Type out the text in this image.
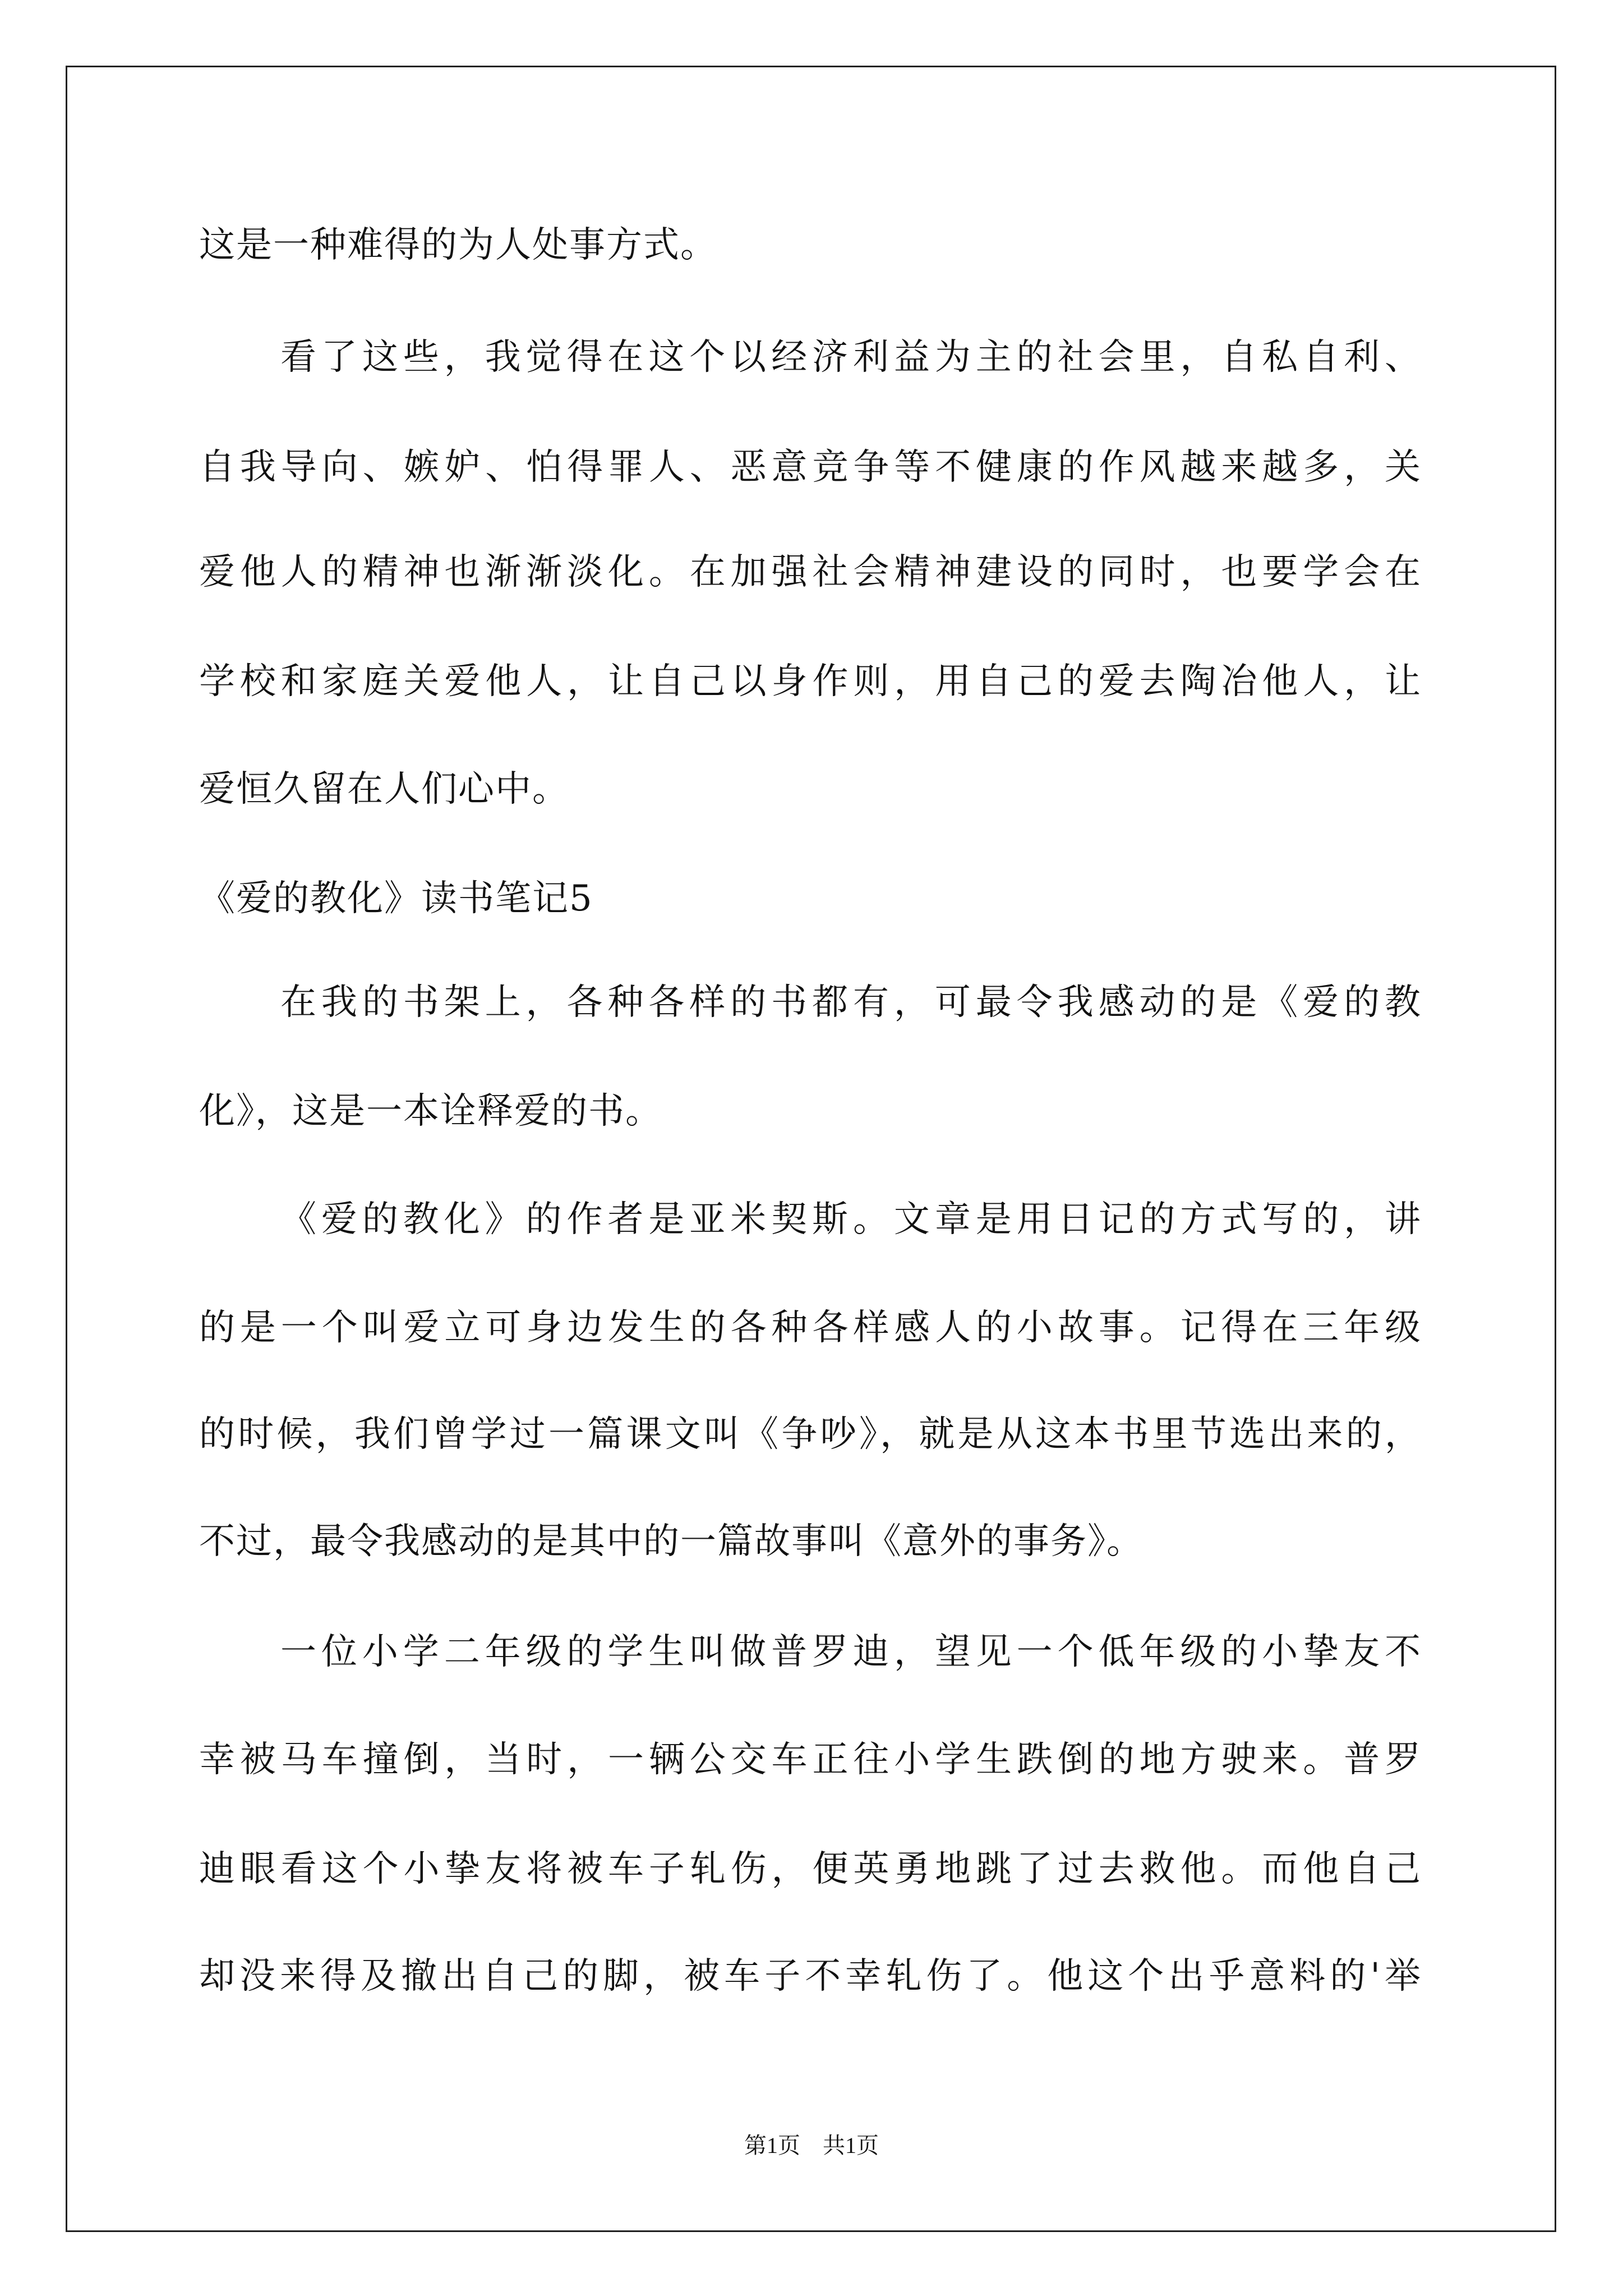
这是一种难得的为人处事方式。
看了这些，我觉得在这个以经济利益为主的社会里，自私自利、
自我导向、嫉妒、怕得罪人、恶意竞争等不健康的作风越来越多，关
爱他人的精神也渐渐淡化。在加强社会精神建设的同时，也要学会在
学校和家庭关爱他人，让自己以身作则，用自己的爱去陶冶他人，让
爱恒久留在人们心中。
《爱的教化》读书笔记5
在我的书架上，各种各样的书都有，可最令我感动的是《爱的教
化》，这是一本诠释爱的书。
《爱的教化》的作者是亚米契斯。文章是用日记的方式写的，讲
的是一个叫爱立可身边发生的各种各样感人的小故事。记得在三年级
的时候，我们曾学过一篇课文叫《争吵》，就是从这本书里节选出来的，
不过，最令我感动的是其中的一篇故事叫《意外的事务》。
一位小学二年级的学生叫做普罗迪，望见一个低年级的小挚友不
幸被马车撞倒，当时，一辆公交车正往小学生跌倒的地方驶来。普罗
迪眼看这个小挚友将被车子轧伤，便英勇地跳了过去救他。而他自己
却没来得及撤出自己的脚，被车子不幸轧伤了。他这个出乎意料的'举
第1页　共1页
